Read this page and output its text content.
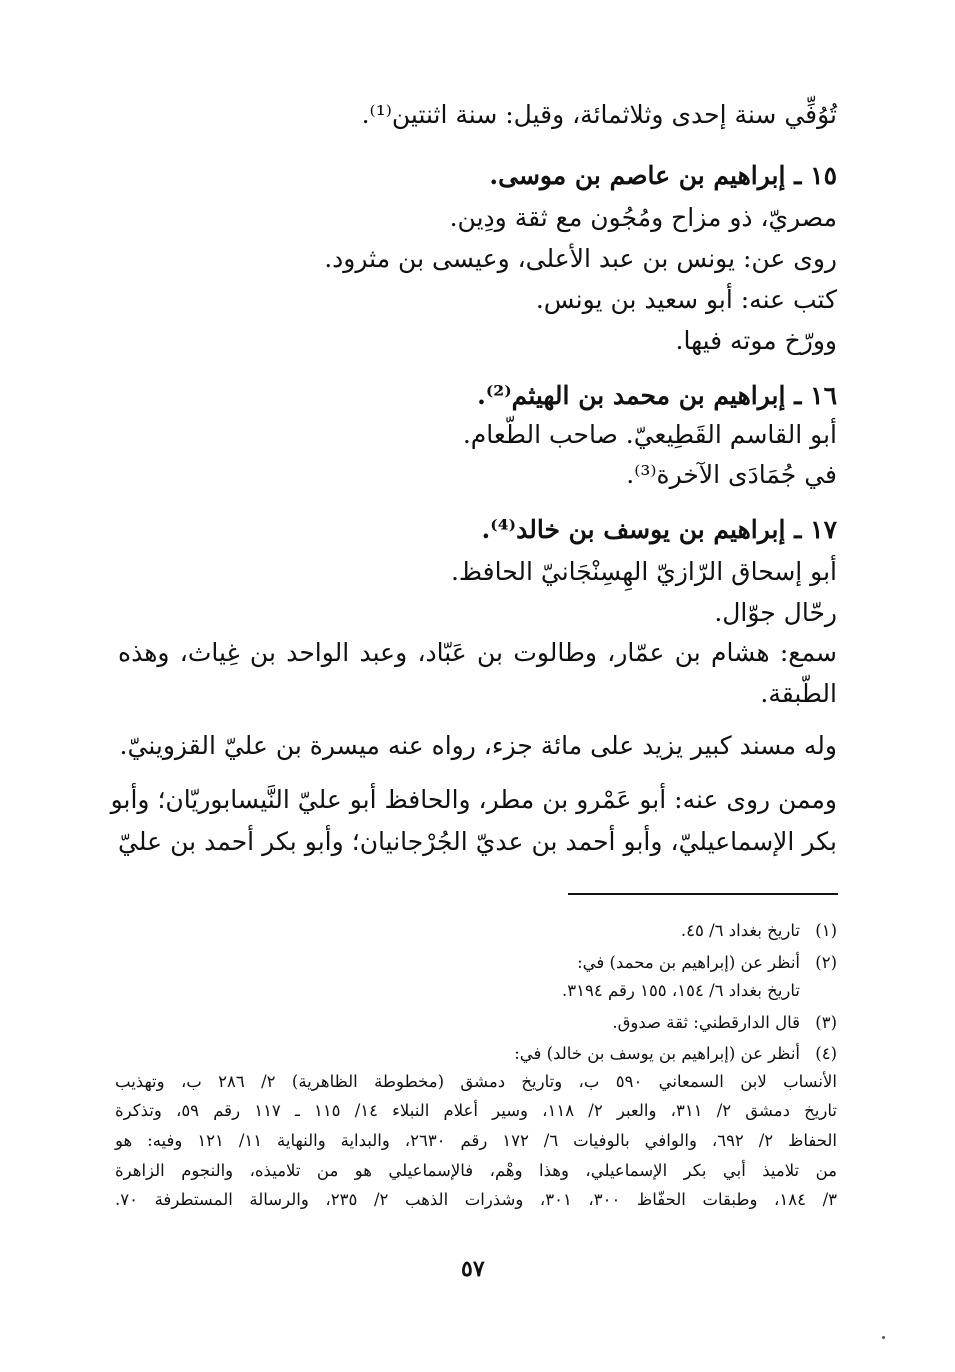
تُوُفِّي سنة إحدى وثلاثمائة، وقيل: سنة اثنتين⁽¹⁾.
١٥ ـ إبراهيم بن عاصم بن موسى.
مصريّ، ذو مزاح ومُجُون مع ثقة ودِين.
روى عن: يونس بن عبد الأعلى، وعيسى بن مثرود.
كتب عنه: أبو سعيد بن يونس.
وورّخ موته فيها.
١٦ ـ إبراهيم بن محمد بن الهيثم⁽²⁾.
أبو القاسم القَطِيعيّ. صاحب الطّعام.
في جُمَادَى الآخرة⁽³⁾.
١٧ ـ إبراهيم بن يوسف بن خالد⁽⁴⁾.
أبو إسحاق الرّازيّ الهِسِنْجَانيّ الحافظ.
رحّال جوّال.
سمع: هشام بن عمّار، وطالوت بن عَبّاد، وعبد الواحد بن غِياث، وهذه
الطّبقة.
وله مسند كبير يزيد على مائة جزء، رواه عنه ميسرة بن عليّ القزوينيّ.
وممن روى عنه: أبو عَمْرو بن مطر، والحافظ أبو عليّ النَّيسابوريّان؛ وأبو
بكر الإسماعيليّ، وأبو أحمد بن عديّ الجُرْجانيان؛ وأبو بكر أحمد بن عليّ
(١)
تاريخ بغداد ٦/ ٤٥.
(٢)
أنظر عن (إبراهيم بن محمد) في:
تاريخ بغداد ٦/ ١٥٤، ١٥٥ رقم ٣١٩٤.
(٣)
قال الدارقطني: ثقة صدوق.
(٤)
أنظر عن (إبراهيم بن يوسف بن خالد) في:
الأنساب لابن السمعاني ٥٩٠ ب، وتاريخ دمشق (مخطوطة الظاهرية) ٢/ ٢٨٦ ب، وتهذيب
تاريخ دمشق ٢/ ٣١١، والعبر ٢/ ١١٨، وسير أعلام النبلاء ١٤/ ١١٥ ـ ١١٧ رقم ٥٩، وتذكرة
الحفاظ ٢/ ٦٩٢، والوافي بالوفيات ٦/ ١٧٢ رقم ٢٦٣٠، والبداية والنهاية ١١/ ١٢١ وفيه: هو
من تلاميذ أبي بكر الإسماعيلي، وهذا وهْم، فالإسماعيلي هو من تلاميذه، والنجوم الزاهرة
٣/ ١٨٤، وطبقات الحفّاظ ٣٠٠، ٣٠١، وشذرات الذهب ٢/ ٢٣٥، والرسالة المستطرفة ٧٠.
٥٧
